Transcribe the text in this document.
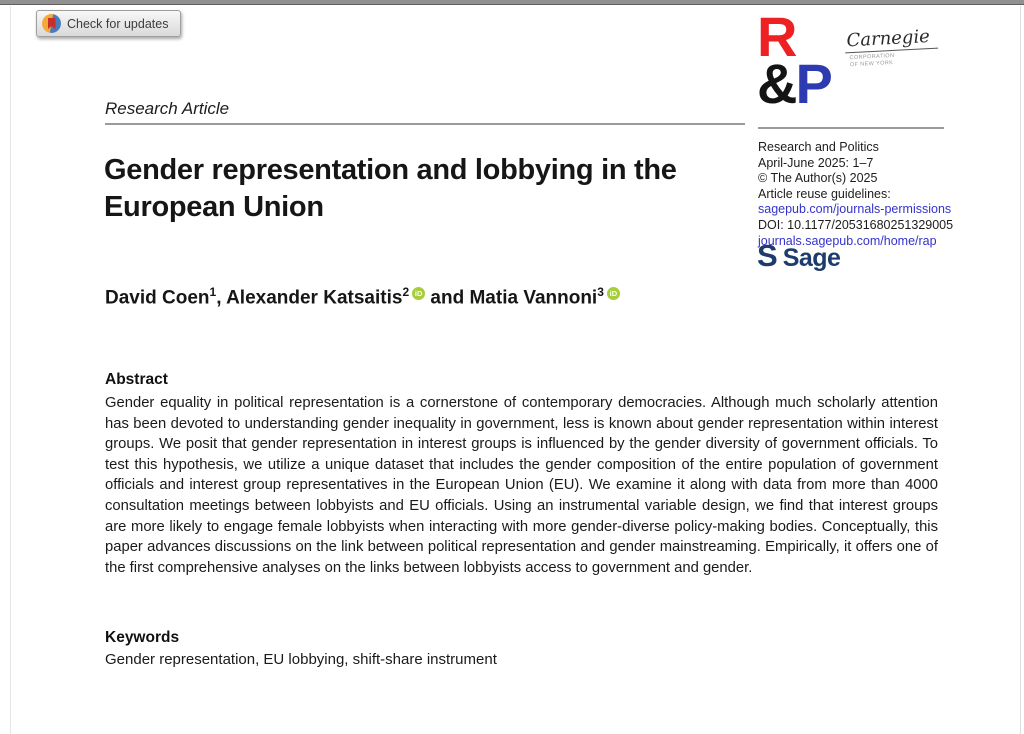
Check for updates
Research Article
Gender representation and lobbying in the
European Union
David Coen$^1$, Alexander Katsaitis$^2$ iD and Matia Vannoni$^3$ iD
Research and Politics
April-June 2025: 1–7
© The Author(s) 2025
Article reuse guidelines:
sagepub.com/journals-permissions
DOI: 10.1177/20531680251329005
journals.sagepub.com/home/rap
S Sage
R
&P
Carnegie
CORPORATION
OF NEW YORK
Abstract
Gender equality in political representation is a cornerstone of contemporary democracies. Although much scholarly attention has been devoted to understanding gender inequality in government, less is known about gender representation within interest groups. We posit that gender representation in interest groups is influenced by the gender diversity of government officials. To test this hypothesis, we utilize a unique dataset that includes the gender composition of the entire population of government officials and interest group representatives in the European Union (EU). We examine it along with data from more than 4000 consultation meetings between lobbyists and EU officials. Using an instrumental variable design, we find that interest groups are more likely to engage female lobbyists when interacting with more gender-diverse policy-making bodies. Conceptually, this paper advances discussions on the link between political representation and gender mainstreaming. Empirically, it offers one of the first comprehensive analyses on the links between lobbyists access to government and gender.
Keywords
Gender representation, EU lobbying, shift-share instrument
